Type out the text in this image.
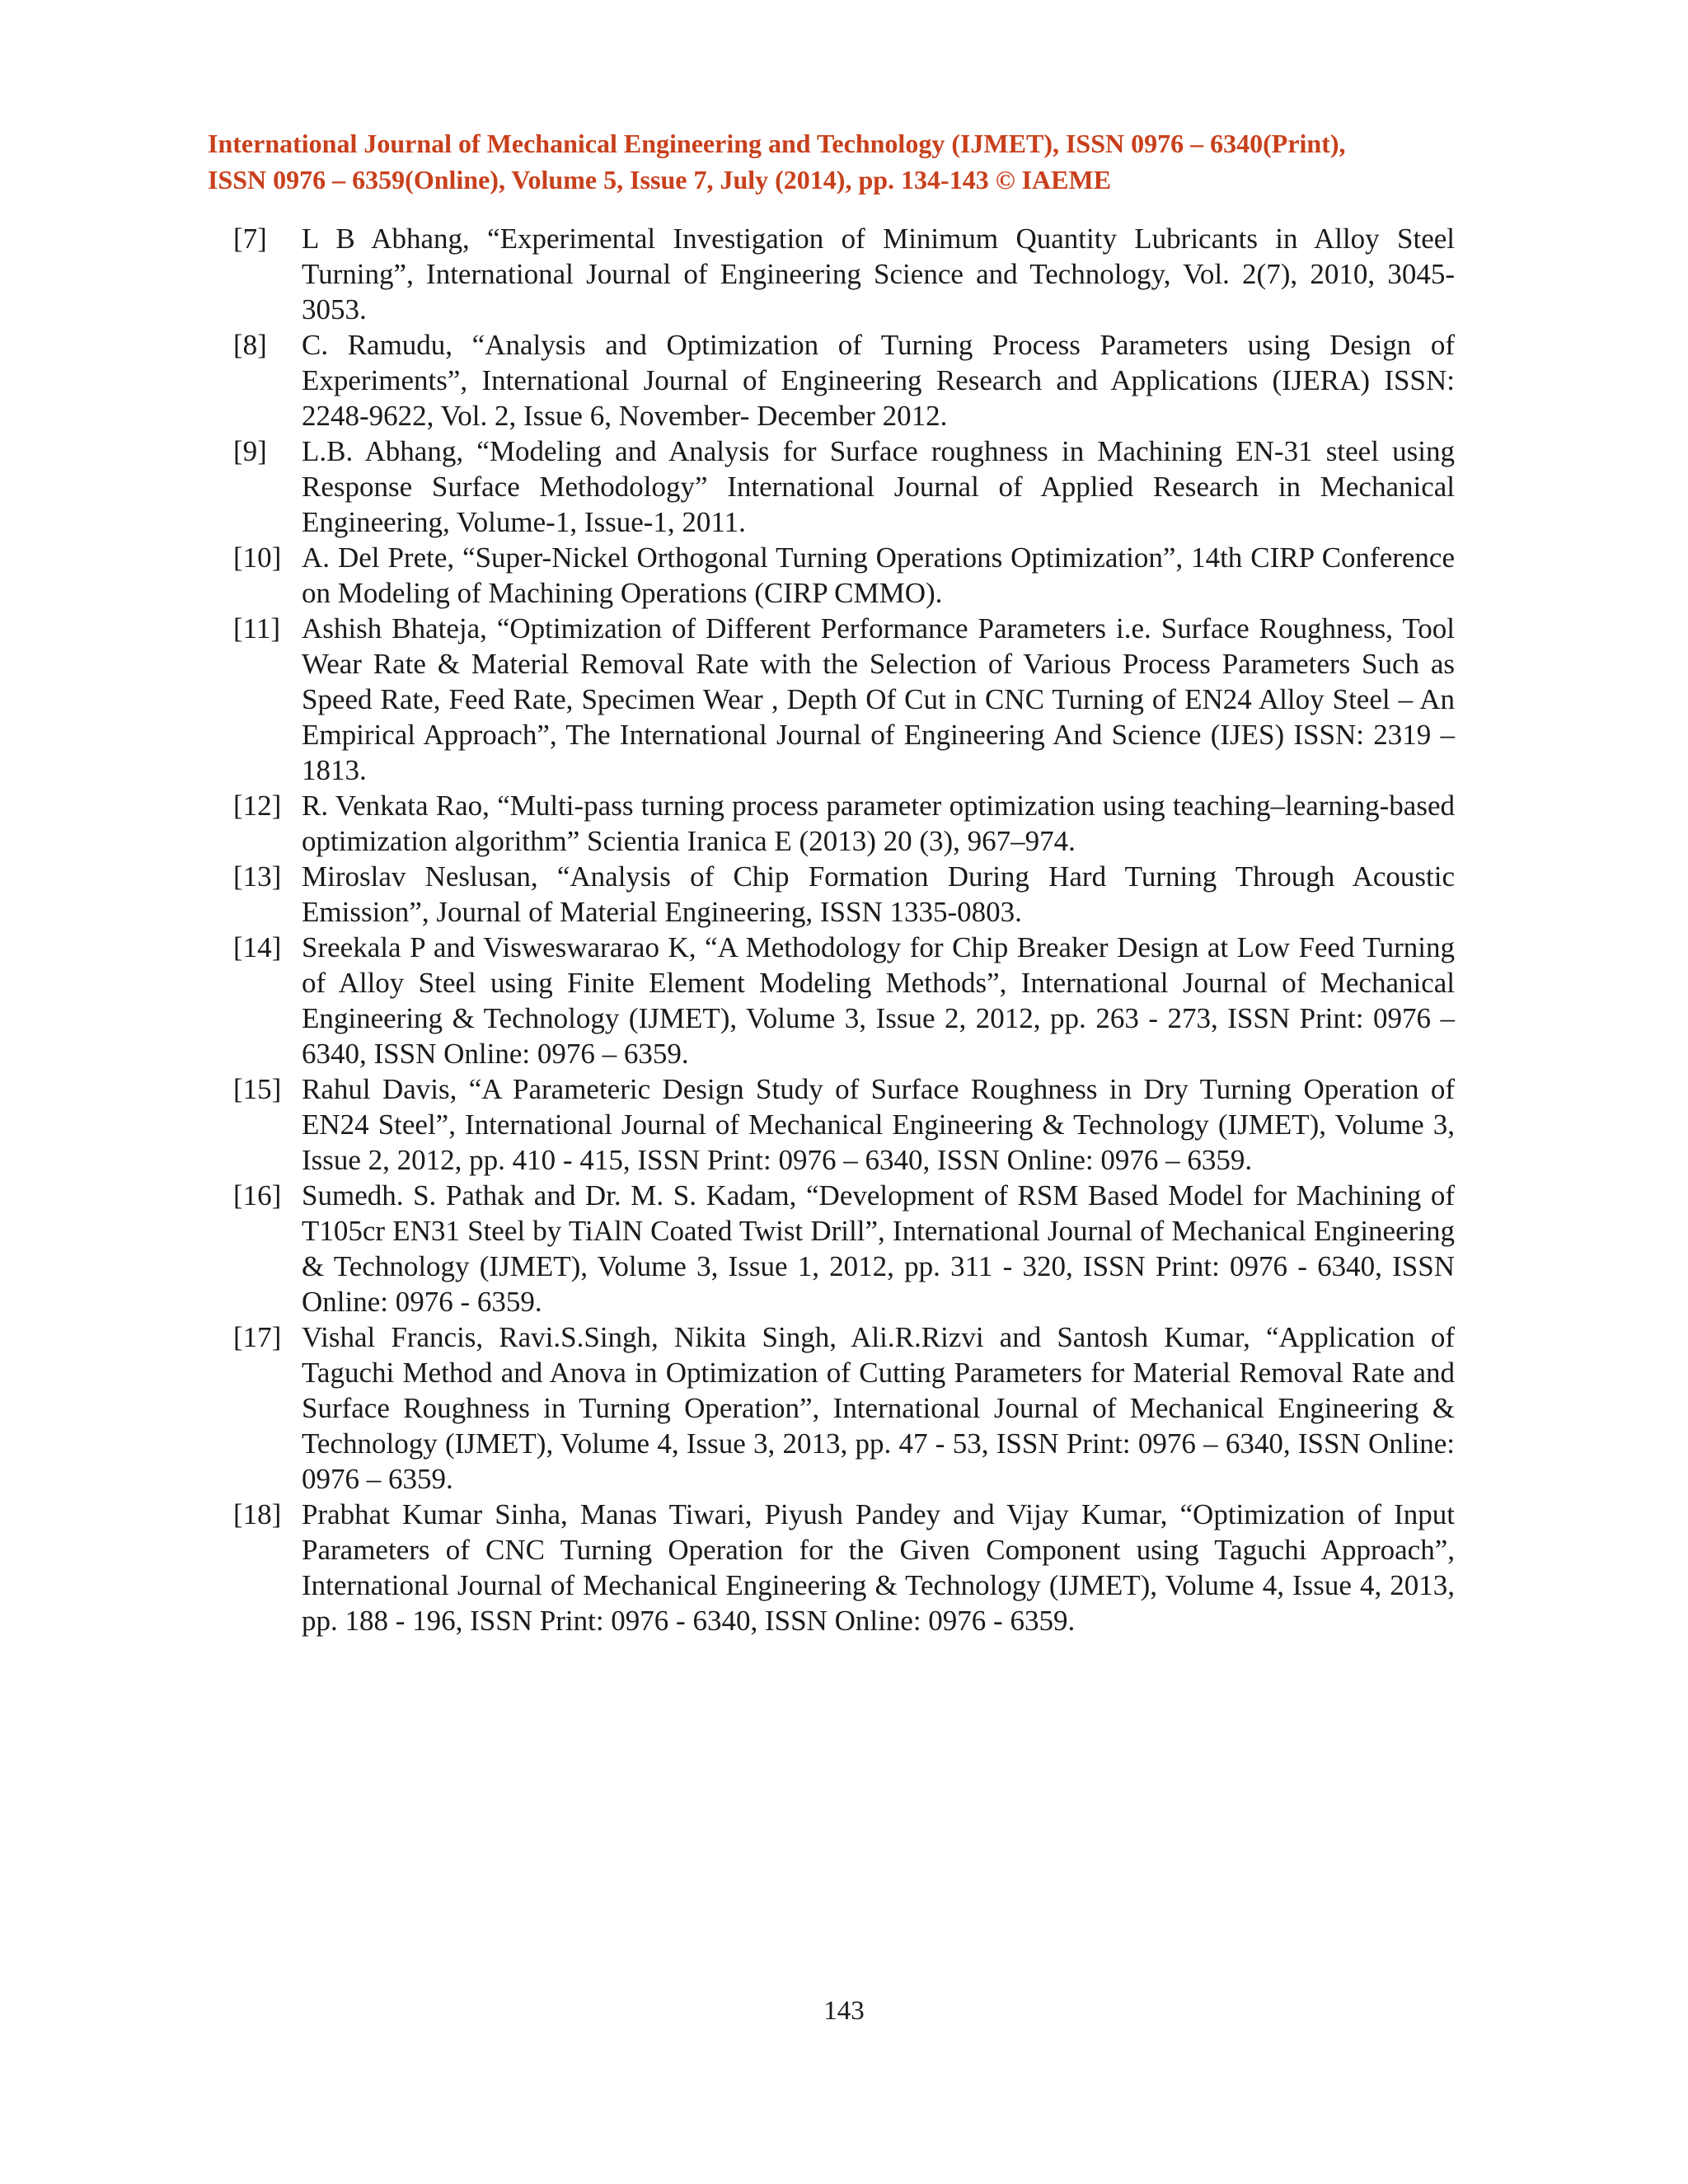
International Journal of Mechanical Engineering and Technology (IJMET), ISSN 0976 – 6340(Print),
ISSN 0976 – 6359(Online), Volume 5, Issue 7, July (2014), pp. 134-143 © IAEME
[7]	L B Abhang, “Experimental Investigation of Minimum Quantity Lubricants in Alloy Steel Turning”, International Journal of Engineering Science and Technology, Vol. 2(7), 2010, 3045-3053.
[8]	C. Ramudu, “Analysis and Optimization of Turning Process Parameters using Design of Experiments”, International Journal of Engineering Research and Applications (IJERA) ISSN: 2248-9622, Vol. 2, Issue 6, November- December 2012.
[9]	L.B. Abhang, “Modeling and Analysis for Surface roughness in Machining EN-31 steel using Response Surface Methodology” International Journal of Applied Research in Mechanical Engineering, Volume-1, Issue-1, 2011.
[10] A. Del Prete, “Super-Nickel Orthogonal Turning Operations Optimization”, 14th CIRP Conference on Modeling of Machining Operations (CIRP CMMO).
[11] Ashish Bhateja, “Optimization of Different Performance Parameters i.e. Surface Roughness, Tool Wear Rate & Material Removal Rate with the Selection of Various Process Parameters Such as Speed Rate, Feed Rate, Specimen Wear , Depth Of Cut in CNC Turning of EN24 Alloy Steel – An Empirical Approach”, The International Journal of Engineering And Science (IJES) ISSN: 2319 – 1813.
[12] R. Venkata Rao, “Multi-pass turning process parameter optimization using teaching–learning-based optimization algorithm” Scientia Iranica E (2013) 20 (3), 967–974.
[13] Miroslav Neslusan, “Analysis of Chip Formation During Hard Turning Through Acoustic Emission”, Journal of Material Engineering, ISSN 1335-0803.
[14] Sreekala P and Visweswararao K, “A Methodology for Chip Breaker Design at Low Feed Turning of Alloy Steel using Finite Element Modeling Methods”, International Journal of Mechanical Engineering & Technology (IJMET), Volume 3, Issue 2, 2012, pp. 263 - 273, ISSN Print: 0976 – 6340, ISSN Online: 0976 – 6359.
[15] Rahul Davis, “A Parameteric Design Study of Surface Roughness in Dry Turning Operation of EN24 Steel”, International Journal of Mechanical Engineering & Technology (IJMET), Volume 3, Issue 2, 2012, pp. 410 - 415, ISSN Print: 0976 – 6340, ISSN Online: 0976 – 6359.
[16] Sumedh. S. Pathak and Dr. M. S. Kadam, “Development of RSM Based Model for Machining of T105cr EN31 Steel by TiAlN Coated Twist Drill”, International Journal of Mechanical Engineering & Technology (IJMET), Volume 3, Issue 1, 2012, pp. 311 - 320, ISSN Print: 0976 - 6340, ISSN Online: 0976 - 6359.
[17] Vishal Francis, Ravi.S.Singh, Nikita Singh, Ali.R.Rizvi and Santosh Kumar, “Application of Taguchi Method and Anova in Optimization of Cutting Parameters for Material Removal Rate and Surface Roughness in Turning Operation”, International Journal of Mechanical Engineering & Technology (IJMET), Volume 4, Issue 3, 2013, pp. 47 - 53, ISSN Print: 0976 – 6340, ISSN Online: 0976 – 6359.
[18] Prabhat Kumar Sinha, Manas Tiwari, Piyush Pandey and Vijay Kumar, “Optimization of Input Parameters of CNC Turning Operation for the Given Component using Taguchi Approach”, International Journal of Mechanical Engineering & Technology (IJMET), Volume 4, Issue 4, 2013, pp. 188 - 196, ISSN Print: 0976 - 6340, ISSN Online: 0976 - 6359.
143
